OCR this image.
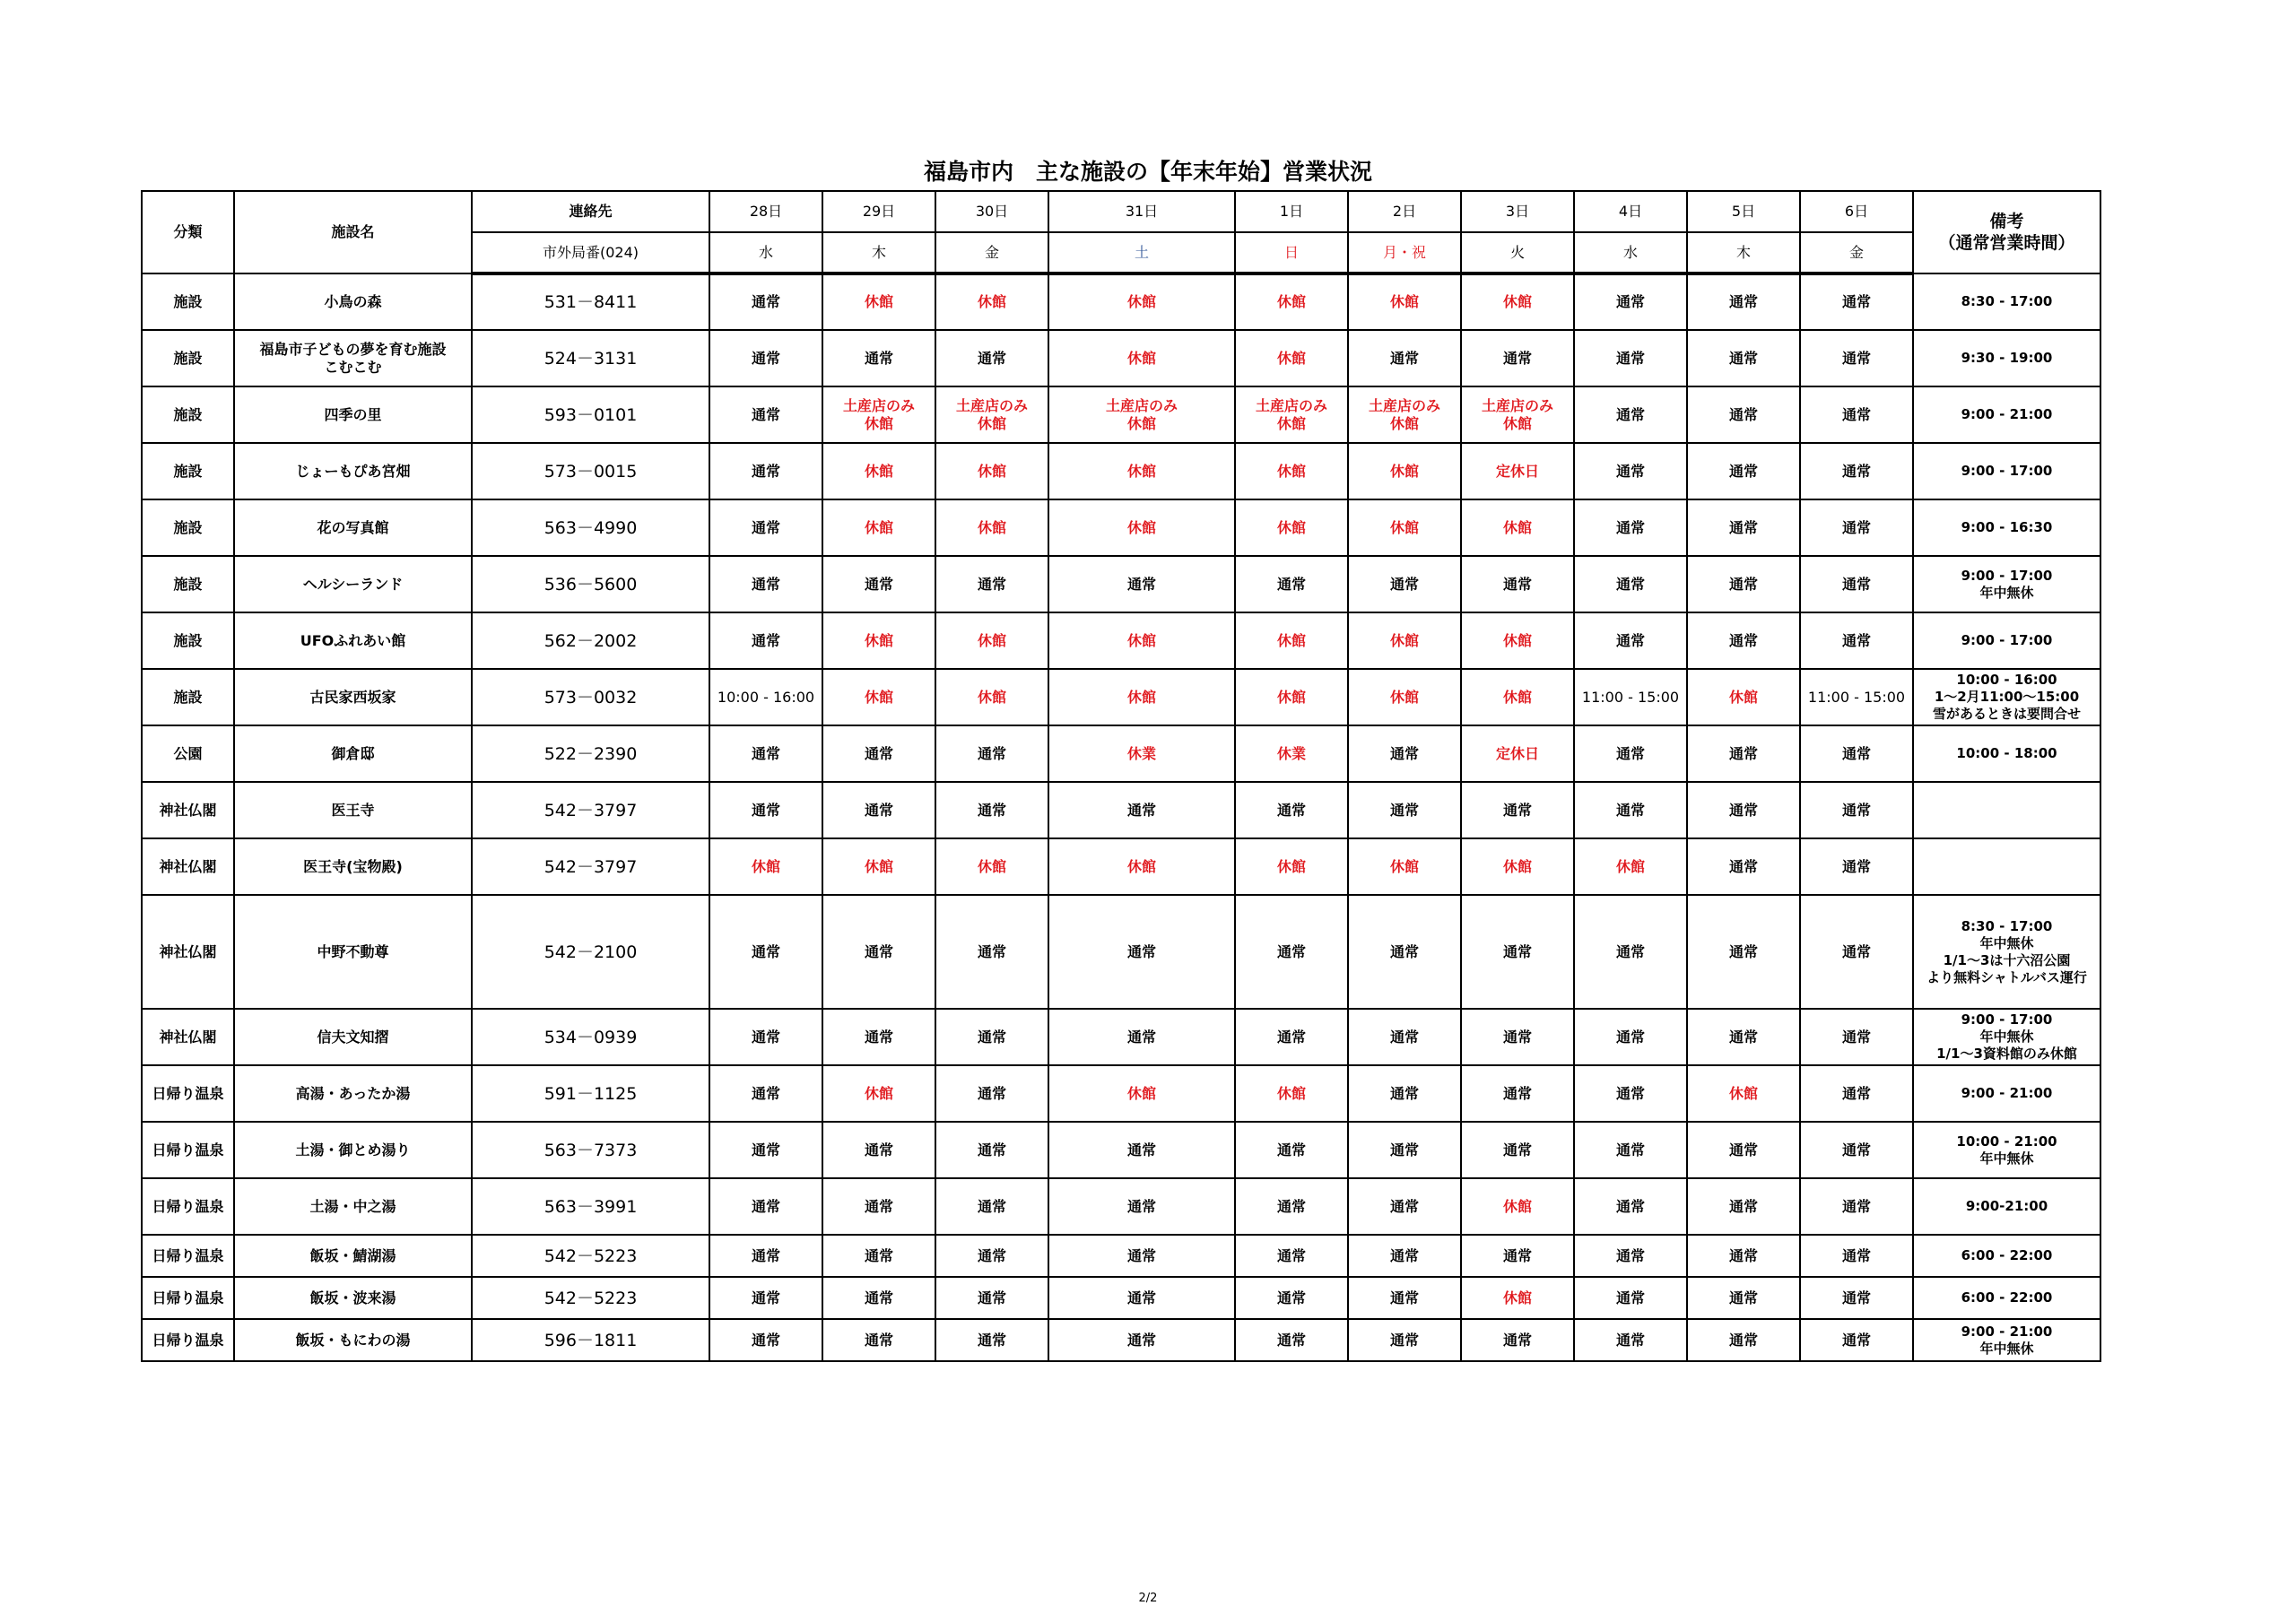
福島市内　主な施設の【年末年始】営業状況
分類	施設名	連絡先	28日	29日	30日	31日	1日	2日	3日	4日	5日	6日	備考
（通常営業時間）
		市外局番(024)	水	木	金	土	日	月・祝	火	水	木	金	
施設	小鳥の森	531－8411	通常	休館	休館	休館	休館	休館	休館	通常	通常	通常	8:30 - 17:00
施設	福島市子どもの夢を育む施設
こむこむ	524－3131	通常	通常	通常	休館	休館	通常	通常	通常	通常	通常	9:30 - 19:00
施設	四季の里	593－0101	通常	土産店のみ
休館	土産店のみ
休館	土産店のみ
休館	土産店のみ
休館	土産店のみ
休館	土産店のみ
休館	通常	通常	通常	9:00 - 21:00
施設	じょーもぴあ宮畑	573－0015	通常	休館	休館	休館	休館	休館	定休日	通常	通常	通常	9:00 - 17:00
施設	花の写真館	563－4990	通常	休館	休館	休館	休館	休館	休館	通常	通常	通常	9:00 - 16:30
施設	ヘルシーランド	536－5600	通常	通常	通常	通常	通常	通常	通常	通常	通常	通常	9:00 - 17:00
年中無休
施設	UFOふれあい館	562－2002	通常	休館	休館	休館	休館	休館	休館	通常	通常	通常	9:00 - 17:00
施設	古民家西坂家	573－0032	10:00 - 16:00	休館	休館	休館	休館	休館	休館	11:00 - 15:00	休館	11:00 - 15:00	10:00 - 16:00
1～2月11:00～15:00
雪があるときは要問合せ
公園	御倉邸	522－2390	通常	通常	通常	休業	休業	通常	定休日	通常	通常	通常	10:00 - 18:00
神社仏閣	医王寺	542－3797	通常	通常	通常	通常	通常	通常	通常	通常	通常	通常	
神社仏閣	医王寺(宝物殿)	542－3797	休館	休館	休館	休館	休館	休館	休館	休館	通常	通常	
神社仏閣	中野不動尊	542－2100	通常	通常	通常	通常	通常	通常	通常	通常	通常	通常	8:30 - 17:00
年中無休
1/1～3は十六沼公園
より無料シャトルバス運行
神社仏閣	信夫文知摺	534－0939	通常	通常	通常	通常	通常	通常	通常	通常	通常	通常	9:00 - 17:00
年中無休
1/1～3資料館のみ休館
日帰り温泉	高湯・あったか湯	591－1125	通常	休館	通常	休館	休館	通常	通常	通常	休館	通常	9:00 - 21:00
日帰り温泉	土湯・御とめ湯り	563－7373	通常	通常	通常	通常	通常	通常	通常	通常	通常	通常	10:00 - 21:00
年中無休
日帰り温泉	土湯・中之湯	563－3991	通常	通常	通常	通常	通常	通常	休館	通常	通常	通常	9:00-21:00
日帰り温泉	飯坂・鯖湖湯	542－5223	通常	通常	通常	通常	通常	通常	通常	通常	通常	通常	6:00 - 22:00
日帰り温泉	飯坂・波来湯	542－5223	通常	通常	通常	通常	通常	通常	休館	通常	通常	通常	6:00 - 22:00
日帰り温泉	飯坂・もにわの湯	596－1811	通常	通常	通常	通常	通常	通常	通常	通常	通常	通常	9:00 - 21:00
年中無休
2/2
